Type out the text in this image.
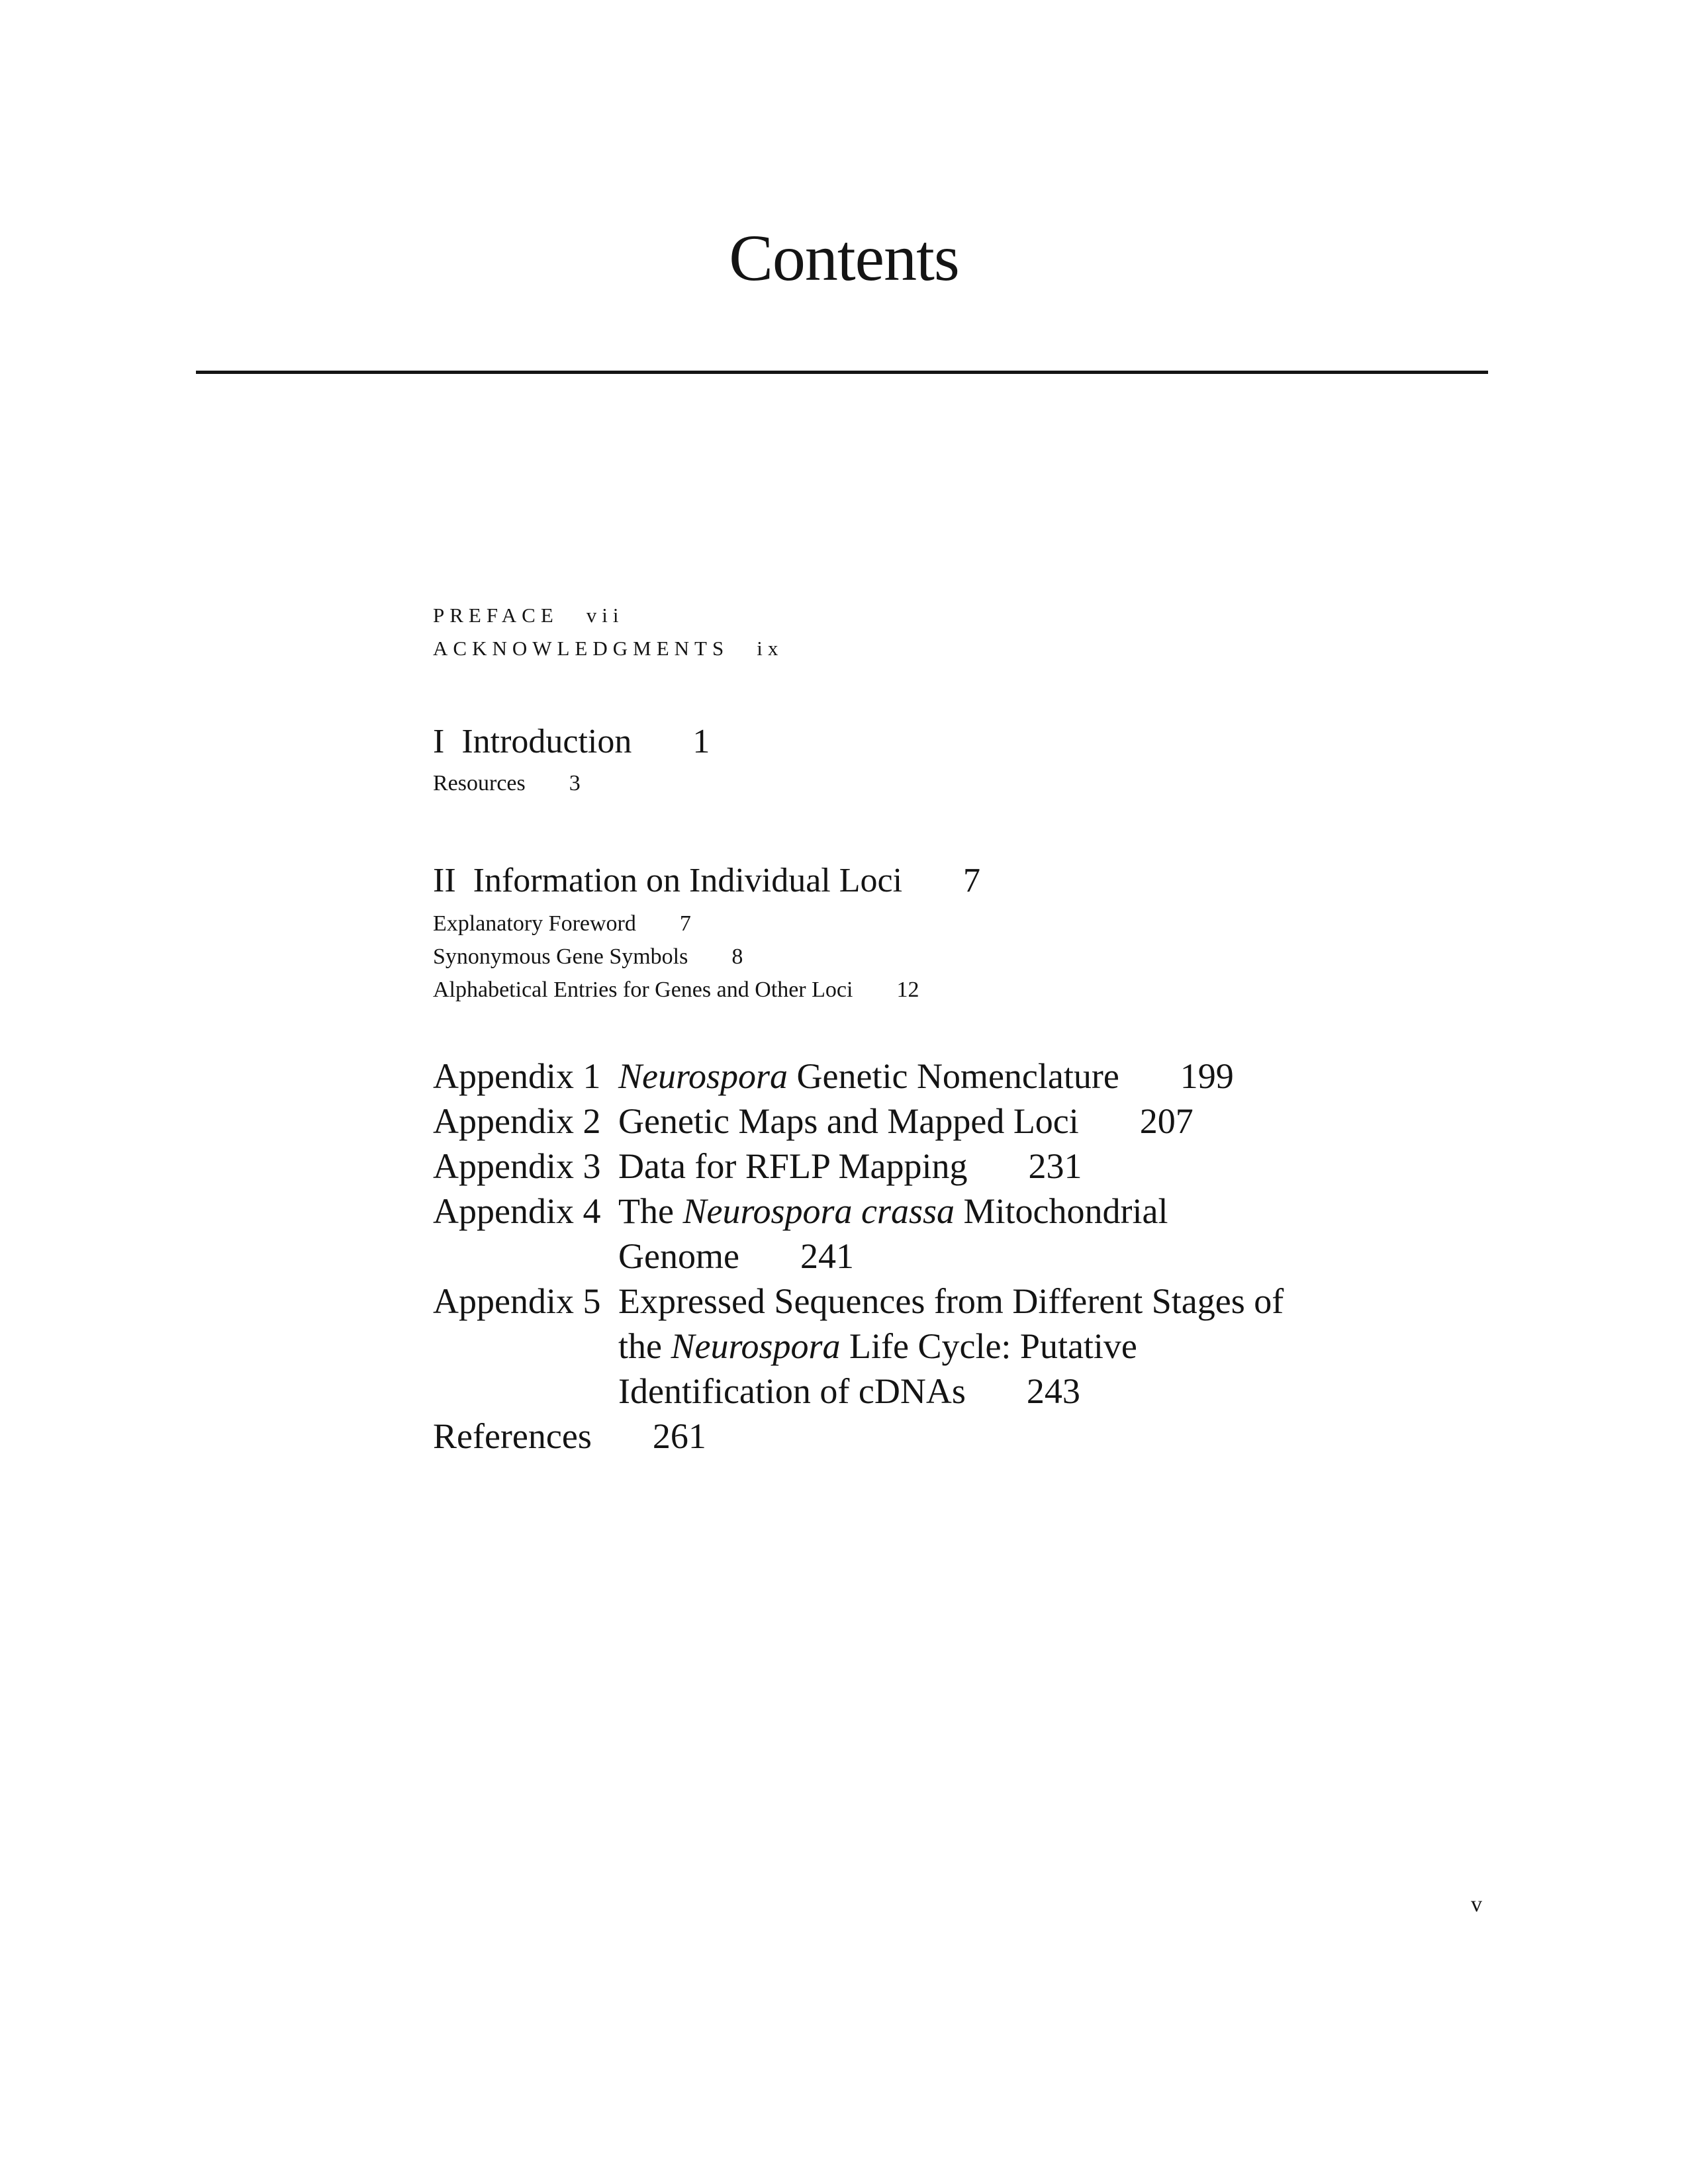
Contents
PREFACE vii
ACKNOWLEDGMENTS ix
I Introduction 1
Resources 3
II Information on Individual Loci 7
Explanatory Foreword 7
Synonymous Gene Symbols 8
Alphabetical Entries for Genes and Other Loci 12
Appendix 1 Neurospora Genetic Nomenclature 199
Appendix 2 Genetic Maps and Mapped Loci 207
Appendix 3 Data for RFLP Mapping 231
Appendix 4 The Neurospora crassa Mitochondrial
Genome 241
Appendix 5 Expressed Sequences from Different Stages of
the Neurospora Life Cycle: Putative
Identification of cDNAs 243
References 261
v
